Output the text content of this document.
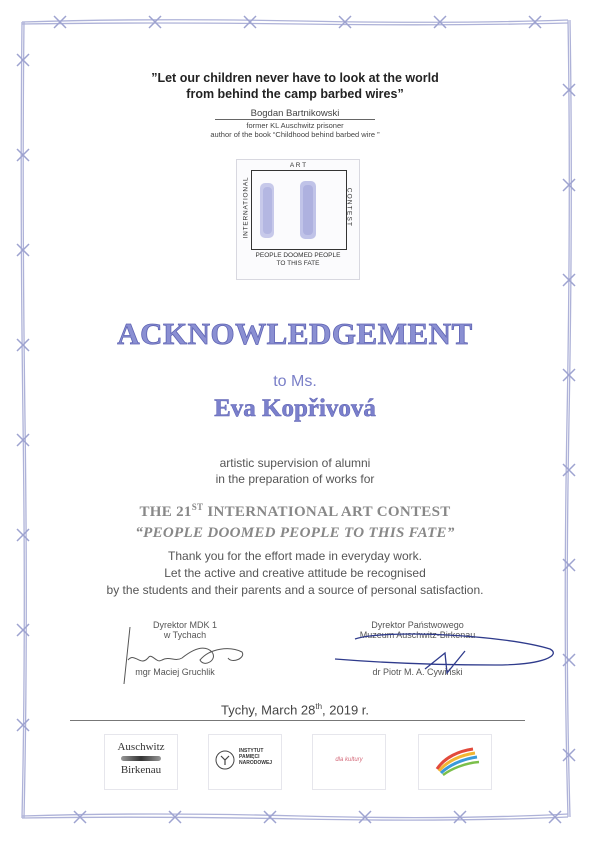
”Let our children never have to look at the world
from behind the camp barbed wires”
Bogdan Bartnikowski
former KL Auschwitz prisoner
author of the book “Childhood behind barbed wire ”
A R T
INTERNATIONAL	CONTEST
PEOPLE DOOMED PEOPLE
TO THIS FATE
ACKNOWLEDGEMENT
to Ms.
Eva Kopřivová
artistic supervision of alumni
in the preparation of works for
THE 21ST INTERNATIONAL ART CONTEST
“PEOPLE DOOMED PEOPLE TO THIS FATE”
Thank you for the effort made in everyday work.
Let the active and creative attitude be recognised
by the students and their parents and a source of personal satisfaction.
Dyrektor MDK 1
w Tychach
mgr Maciej Gruchlik
Dyrektor Państwowego
Muzeum Auschwitz-Birkenau
dr Piotr M. A. Cywiński
Tychy, March 28th, 2019 r.
Auschwitz
Birkenau
INSTYTUT
PAMIĘCI
NARODOWEJ	dla kultury
